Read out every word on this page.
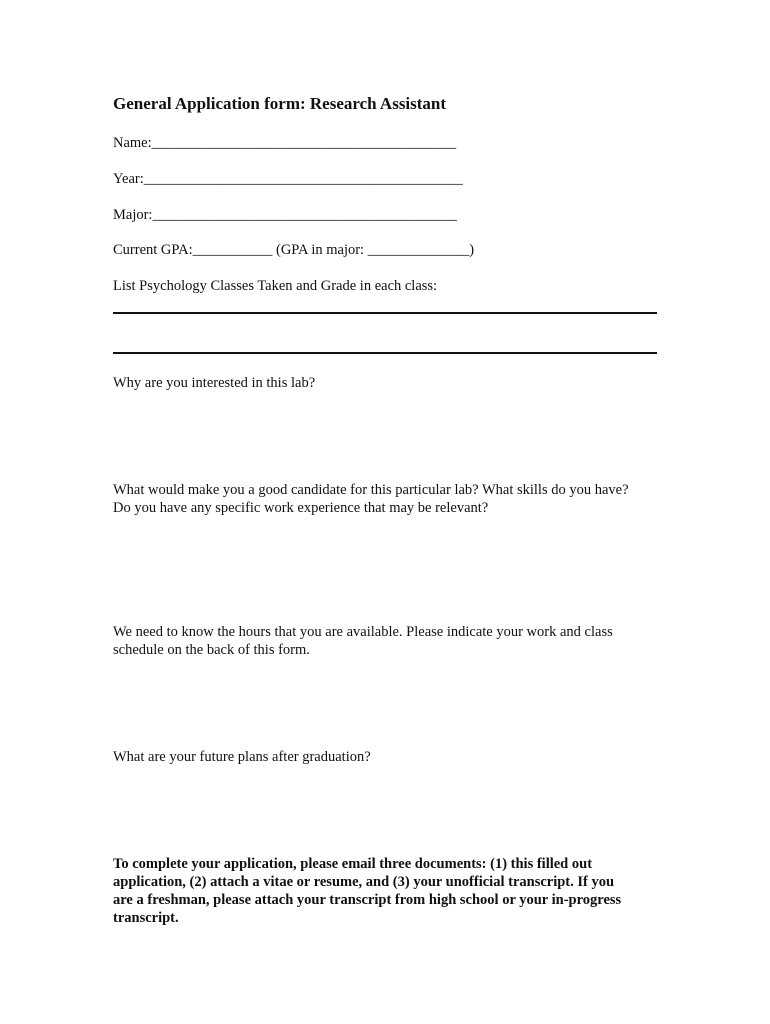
General Application form: Research Assistant
Name:__________________________________________
Year:____________________________________________
Major:__________________________________________
Current GPA:___________ (GPA in major: ______________)
List Psychology Classes Taken and Grade in each class:
Why are you interested in this lab?
What would make you a good candidate for this particular lab? What skills do you have?
Do you have any specific work experience that may be relevant?
We need to know the hours that you are available. Please indicate your work and class
schedule on the back of this form.
What are your future plans after graduation?
To complete your application, please email three documents: (1) this filled out
application, (2) attach a vitae or resume, and (3) your unofficial transcript. If you
are a freshman, please attach your transcript from high school or your in-progress
transcript.
